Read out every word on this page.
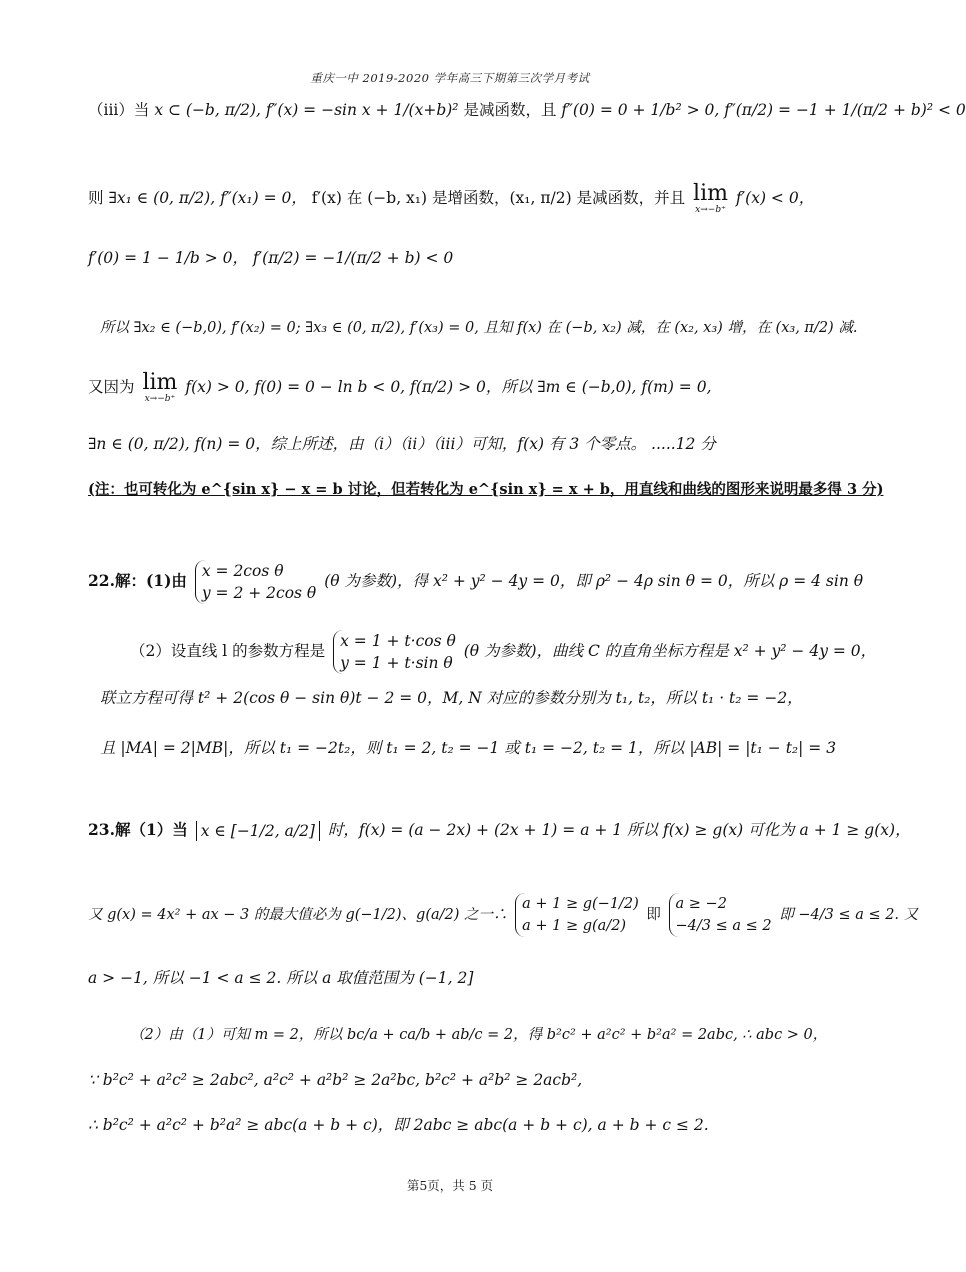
重庆一中 2019-2020 学年高三下期第三次学月考试
（iii）当 x ⊂ (−b, π/2), f″(x) = −sin x + 1/(x+b)² 是减函数，且 f″(0) = 0 + 1/b² > 0, f″(π/2) = −1 + 1/(π/2 + b)² < 0
则 ∃x₁ ∈ (0, π/2), f″(x₁) = 0， f′(x) 在 (−b, x₁) 是增函数，(x₁, π/2) 是减函数，并且 lim
x→−b⁺
f′(x) < 0，
f′(0) = 1 − 1/b > 0， f′(π/2) = −1/(π/2 + b) < 0
所以 ∃x₂ ∈ (−b,0), f′(x₂) = 0; ∃x₃ ∈ (0, π/2), f′(x₃) = 0, 且知 f(x) 在 (−b, x₂) 减，在 (x₂, x₃) 增，在 (x₃, π/2) 减.
又因为 lim
x→−b⁺
f(x) > 0, f(0) = 0 − ln b < 0, f(π/2) > 0，所以 ∃m ∈ (−b,0), f(m) = 0,
∃n ∈ (0, π/2), f(n) = 0，综上所述，由（i）（ii）（iii）可知，f(x) 有 3 个零点。 .....12 分
(注：也可转化为 e^{sin x} − x = b 讨论，但若转化为 e^{sin x} = x + b，用直线和曲线的图形来说明最多得 3 分)
22.解：(1)由 x = 2cos θ
y = 2 + 2cos θ
(θ 为参数)，得 x² + y² − 4y = 0，即 ρ² − 4ρ sin θ = 0，所以 ρ = 4 sin θ
（2）设直线 l 的参数方程是
x = 1 + t·cos θ
y = 1 + t·sin θ
(θ 为参数)，曲线 C 的直角坐标方程是 x² + y² − 4y = 0，
联立方程可得 t² + 2(cos θ − sin θ)t − 2 = 0，M, N 对应的参数分别为 t₁, t₂，所以 t₁ · t₂ = −2，
且 |MA| = 2|MB|，所以 t₁ = −2t₂，则 t₁ = 2, t₂ = −1 或 t₁ = −2, t₂ = 1，所以 |AB| = |t₁ − t₂| = 3
23.解（1）当 x ∈ [−1/2, a/2] 时，f(x) = (a − 2x) + (2x + 1) = a + 1 所以 f(x) ≥ g(x) 可化为 a + 1 ≥ g(x)，
又 g(x) = 4x² + ax − 3 的最大值必为 g(−1/2)、g(a/2) 之一∴
a + 1 ≥ g(−1/2)
a + 1 ≥ g(a/2)
即
a ≥ −2
−4/3 ≤ a ≤ 2
即 −4/3 ≤ a ≤ 2. 又
a > −1, 所以 −1 < a ≤ 2. 所以 a 取值范围为 (−1, 2]
（2）由（1）可知 m = 2，所以 bc/a + ca/b + ab/c = 2，得 b²c² + a²c² + b²a² = 2abc, ∴ abc > 0，
∵ b²c² + a²c² ≥ 2abc², a²c² + a²b² ≥ 2a²bc, b²c² + a²b² ≥ 2acb²,
∴ b²c² + a²c² + b²a² ≥ abc(a + b + c)，即 2abc ≥ abc(a + b + c), a + b + c ≤ 2.
第5页，共 5 页
